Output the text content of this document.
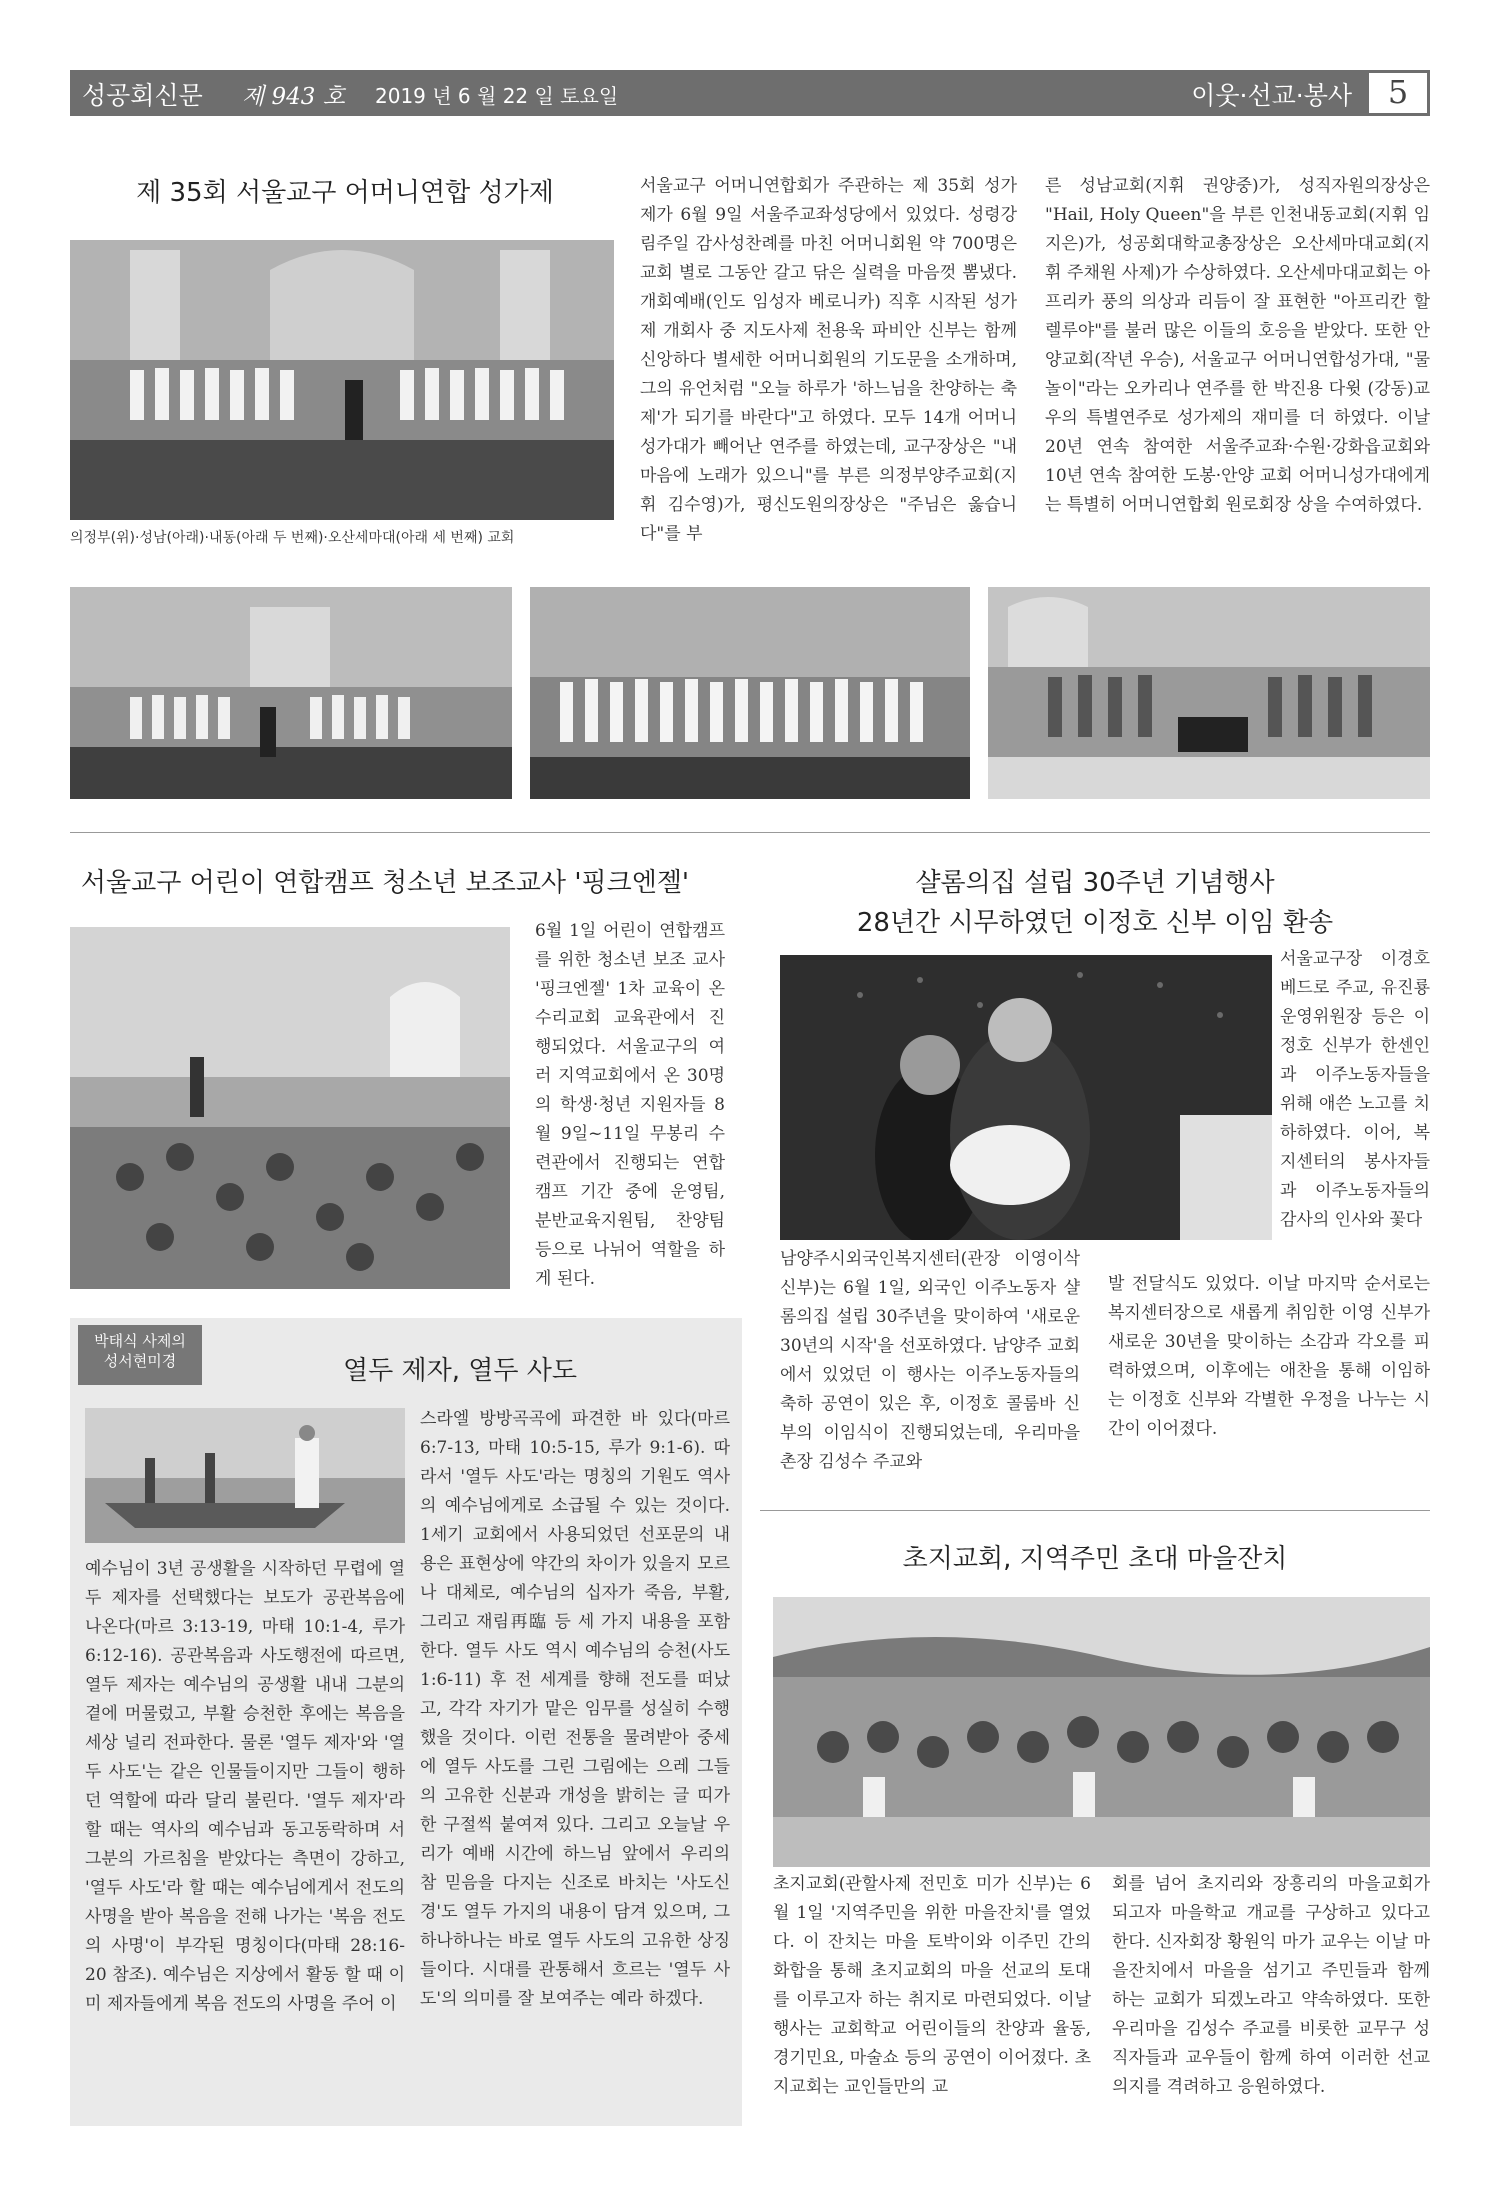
성공회신문 제 943 호 2019 년 6 월 22 일 토요일	이웃·선교·봉사	5
제 35회 서울교구 어머니연합 성가제
의정부(위)·성남(아래)·내동(아래 두 번째)·오산세마대(아래 세 번째) 교회
서울교구 어머니연합회가 주관하는 제 35회 성가제가 6월 9일 서울주교좌성당에서 있었다. 성령강림주일 감사성찬례를 마친 어머니회원 약 700명은 교회 별로 그동안 갈고 닦은 실력을 마음껏 뽐냈다. 개회예배(인도 임성자 베로니카) 직후 시작된 성가제 개회사 중 지도사제 천용욱 파비안 신부는 함께 신앙하다 별세한 어머니회원의 기도문을 소개하며, 그의 유언처럼 "오늘 하루가 '하느님을 찬양하는 축제'가 되기를 바란다"고 하였다. 모두 14개 어머니 성가대가 빼어난 연주를 하였는데, 교구장상은 "내 마음에 노래가 있으니"를 부른 의정부양주교회(지휘 김수영)가, 평신도원의장상은 "주님은 옳습니다"를 부
른 성남교회(지휘 권양중)가, 성직자원의장상은 "Hail, Holy Queen"을 부른 인천내동교회(지휘 임지은)가, 성공회대학교총장상은 오산세마대교회(지휘 주채원 사제)가 수상하였다. 오산세마대교회는 아프리카 풍의 의상과 리듬이 잘 표현한 "아프리칸 할렐루야"를 불러 많은 이들의 호응을 받았다. 또한 안양교회(작년 우승), 서울교구 어머니연합성가대, "물놀이"라는 오카리나 연주를 한 박진용 다윗 (강동)교우의 특별연주로 성가제의 재미를 더 하였다. 이날 20년 연속 참여한 서울주교좌·수원·강화읍교회와 10년 연속 참여한 도봉·안양 교회 어머니성가대에게는 특별히 어머니연합회 원로회장 상을 수여하였다.
서울교구 어린이 연합캠프 청소년 보조교사 '핑크엔젤'
6월 1일 어린이 연합캠프를 위한 청소년 보조 교사 '핑크엔젤' 1차 교육이 온수리교회 교육관에서 진행되었다. 서울교구의 여러 지역교회에서 온 30명의 학생·청년 지원자들 8월 9일~11일 무봉리 수련관에서 진행되는 연합캠프 기간 중에 운영팀, 분반교육지원팀, 찬양팀 등으로 나뉘어 역할을 하게 된다.
샬롬의집 설립 30주년 기념행사
28년간 시무하였던 이정호 신부 이임 환송
서울교구장 이경호 베드로 주교, 유진룡 운영위원장 등은 이정호 신부가 한센인과 이주노동자들을 위해 애쓴 노고를 치하하였다. 이어, 복지센터의 봉사자들과 이주노동자들의 감사의 인사와 꽃다
남양주시외국인복지센터(관장 이영이삭 신부)는 6월 1일, 외국인 이주노동자 샬롬의집 설립 30주년을 맞이하여 '새로운 30년의 시작'을 선포하였다. 남양주 교회에서 있었던 이 행사는 이주노동자들의 축하 공연이 있은 후, 이정호 콜룸바 신부의 이임식이 진행되었는데, 우리마을 촌장 김성수 주교와
발 전달식도 있었다. 이날 마지막 순서로는 복지센터장으로 새롭게 취임한 이영 신부가 새로운 30년을 맞이하는 소감과 각오를 피력하였으며, 이후에는 애찬을 통해 이임하는 이정호 신부와 각별한 우정을 나누는 시간이 이어졌다.
박태식 사제의
성서현미경	열두 제자, 열두 사도
예수님이 3년 공생활을 시작하던 무렵에 열두 제자를 선택했다는 보도가 공관복음에 나온다(마르 3:13-19, 마태 10:1-4, 루가 6:12-16). 공관복음과 사도행전에 따르면, 열두 제자는 예수님의 공생활 내내 그분의 곁에 머물렀고, 부활 승천한 후에는 복음을 세상 널리 전파한다. 물론 '열두 제자'와 '열두 사도'는 같은 인물들이지만 그들이 행하던 역할에 따라 달리 불린다. '열두 제자'라 할 때는 역사의 예수님과 동고동락하며 서 그분의 가르침을 받았다는 측면이 강하고, '열두 사도'라 할 때는 예수님에게서 전도의 사명을 받아 복음을 전해 나가는 '복음 전도의 사명'이 부각된 명칭이다(마태 28:16-20 참조). 예수님은 지상에서 활동 할 때 이미 제자들에게 복음 전도의 사명을 주어 이
스라엘 방방곡곡에 파견한 바 있다(마르 6:7-13, 마태 10:5-15, 루가 9:1-6). 따라서 '열두 사도'라는 명칭의 기원도 역사의 예수님에게로 소급될 수 있는 것이다. 1세기 교회에서 사용되었던 선포문의 내용은 표현상에 약간의 차이가 있을지 모르나 대체로, 예수님의 십자가 죽음, 부활, 그리고 재림再臨 등 세 가지 내용을 포함한다. 열두 사도 역시 예수님의 승천(사도 1:6-11) 후 전 세계를 향해 전도를 떠났고, 각각 자기가 맡은 임무를 성실히 수행했을 것이다. 이런 전통을 물려받아 중세에 열두 사도를 그린 그림에는 으레 그들의 고유한 신분과 개성을 밝히는 글 띠가 한 구절씩 붙여져 있다. 그리고 오늘날 우리가 예배 시간에 하느님 앞에서 우리의 참 믿음을 다지는 신조로 바치는 '사도신경'도 열두 가지의 내용이 담겨 있으며, 그 하나하나는 바로 열두 사도의 고유한 상징들이다. 시대를 관통해서 흐르는 '열두 사도'의 의미를 잘 보여주는 예라 하겠다.
초지교회, 지역주민 초대 마을잔치
초지교회(관할사제 전민호 미가 신부)는 6월 1일 '지역주민을 위한 마을잔치'를 열었다. 이 잔치는 마을 토박이와 이주민 간의 화합을 통해 초지교회의 마을 선교의 토대를 이루고자 하는 취지로 마련되었다. 이날 행사는 교회학교 어린이들의 찬양과 율동, 경기민요, 마술쇼 등의 공연이 이어졌다. 초지교회는 교인들만의 교
회를 넘어 초지리와 장흥리의 마을교회가 되고자 마을학교 개교를 구상하고 있다고 한다. 신자회장 황원익 마가 교우는 이날 마을잔치에서 마을을 섬기고 주민들과 함께 하는 교회가 되겠노라고 약속하였다. 또한 우리마을 김성수 주교를 비롯한 교무구 성직자들과 교우들이 함께 하여 이러한 선교의지를 격려하고 응원하였다.
